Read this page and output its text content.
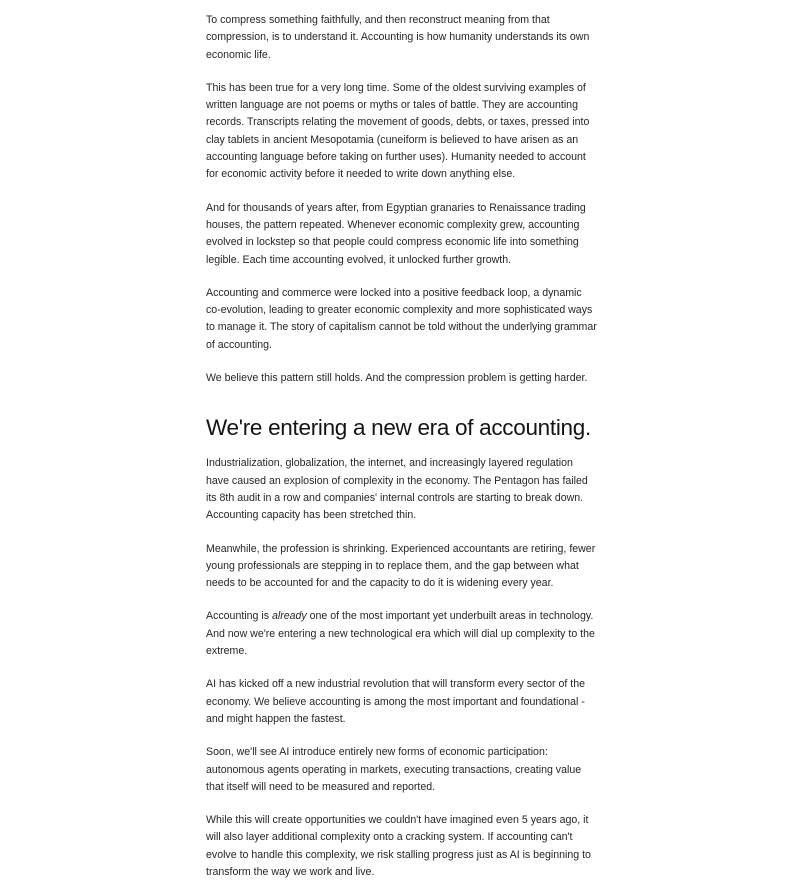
To compress something faithfully, and then reconstruct meaning from that compression, is to understand it. Accounting is how humanity understands its own economic life.

This has been true for a very long time. Some of the oldest surviving examples of written language are not poems or myths or tales of battle. They are accounting records. Transcripts relating the movement of goods, debts, or taxes, pressed into clay tablets in ancient Mesopotamia (cuneiform is believed to have arisen as an accounting language before taking on further uses). Humanity needed to account for economic activity before it needed to write down anything else.

And for thousands of years after, from Egyptian granaries to Renaissance trading houses, the pattern repeated. Whenever economic complexity grew, accounting evolved in lockstep so that people could compress economic life into something legible. Each time accounting evolved, it unlocked further growth.

Accounting and commerce were locked into a positive feedback loop, a dynamic co-evolution, leading to greater economic complexity and more sophisticated ways to manage it. The story of capitalism cannot be told without the underlying grammar of accounting.

We believe this pattern still holds. And the compression problem is getting harder.

We're entering a new era of accounting.

Industrialization, globalization, the internet, and increasingly layered regulation have caused an explosion of complexity in the economy. The Pentagon has failed its 8th audit in a row and companies' internal controls are starting to break down. Accounting capacity has been stretched thin.

Meanwhile, the profession is shrinking. Experienced accountants are retiring, fewer young professionals are stepping in to replace them, and the gap between what needs to be accounted for and the capacity to do it is widening every year.

Accounting is already one of the most important yet underbuilt areas in technology. And now we're entering a new technological era which will dial up complexity to the extreme.

AI has kicked off a new industrial revolution that will transform every sector of the economy. We believe accounting is among the most important and foundational - and might happen the fastest.

Soon, we'll see AI introduce entirely new forms of economic participation: autonomous agents operating in markets, executing transactions, creating value that itself will need to be measured and reported.

While this will create opportunities we couldn't have imagined even 5 years ago, it will also layer additional complexity onto a cracking system. If accounting can't evolve to handle this complexity, we risk stalling progress just as AI is beginning to transform the way we work and live.
